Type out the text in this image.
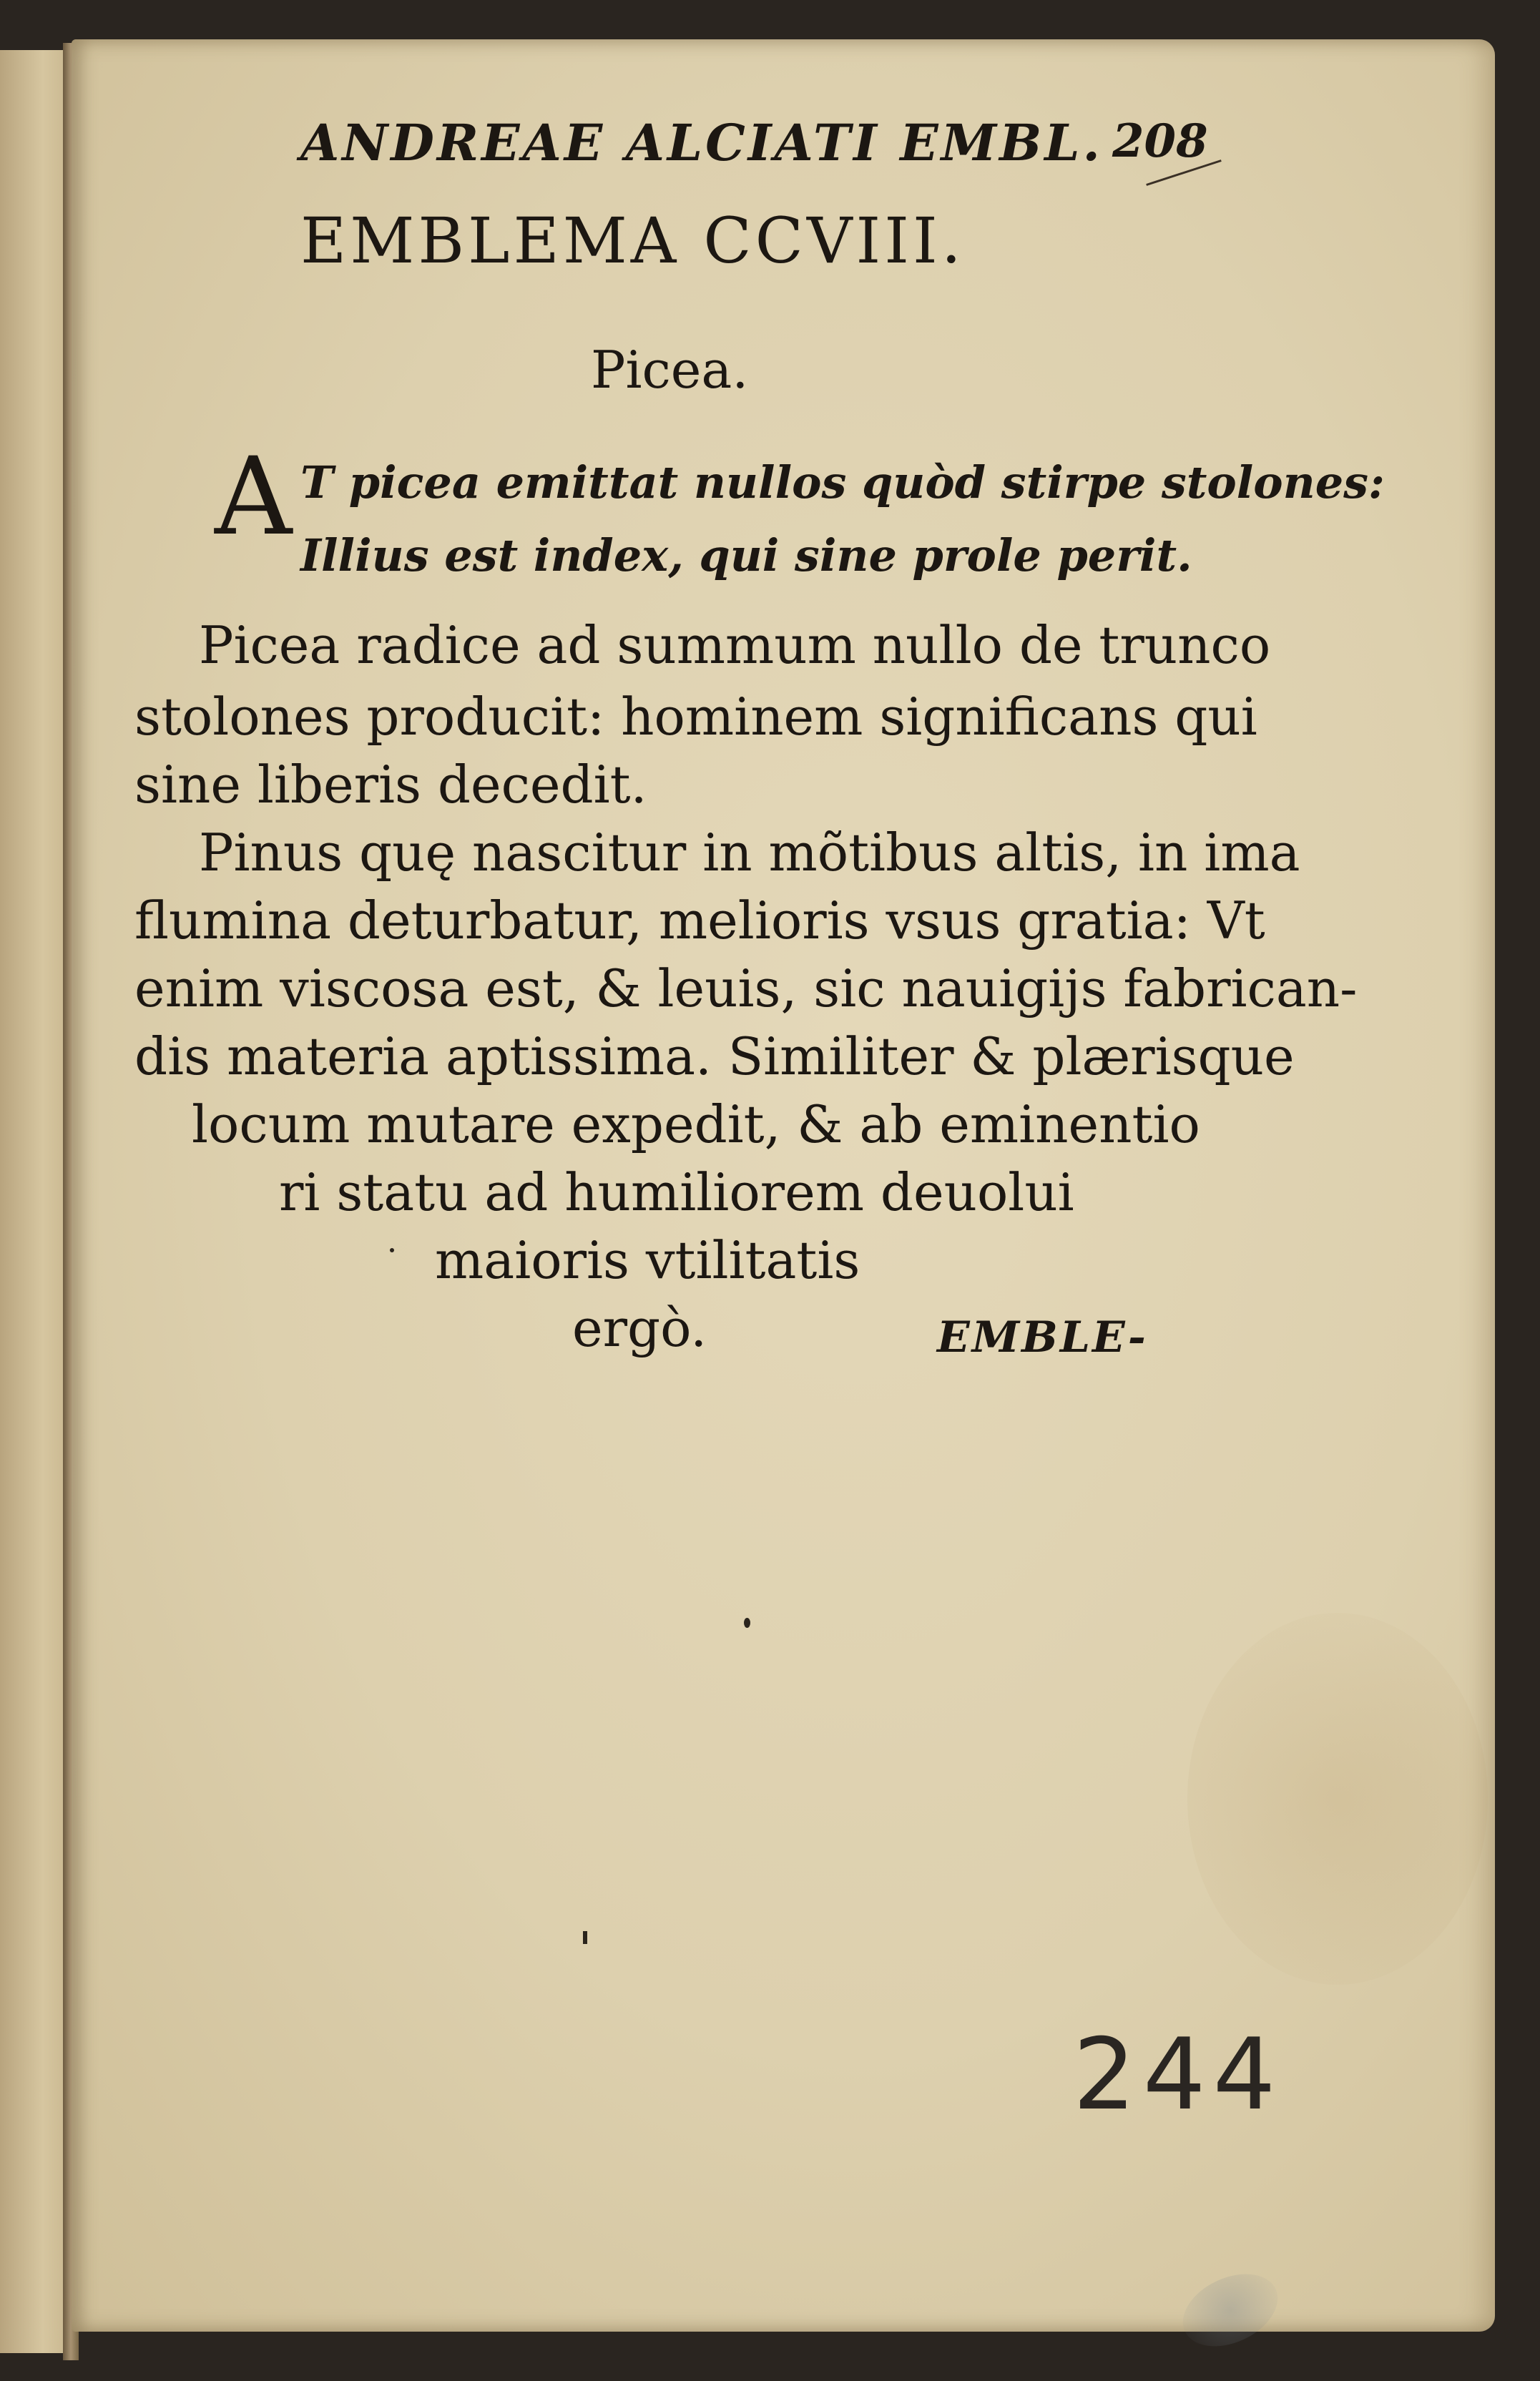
ANDREAE ALCIATI EMBL. 208
EMBLEMA CCVIII.
Picea.
A T picea emittat nullos quòd stirpe stolones:
Illius est index, qui sine prole perit.
Picea radice ad summum nullo de trunco
stolones producit: hominem significans qui
sine liberis decedit.
Pinus quę nascitur in mõtibus altis, in ima
flumina deturbatur, melioris vsus gratia: Vt
enim viscosa est, & leuis, sic nauigijs fabrican-
dis materia aptissima. Similiter & plærisque
locum mutare expedit, & ab eminentio
ri statu ad humiliorem deuolui
maioris vtilitatis
ergò.	EMBLE-
244
